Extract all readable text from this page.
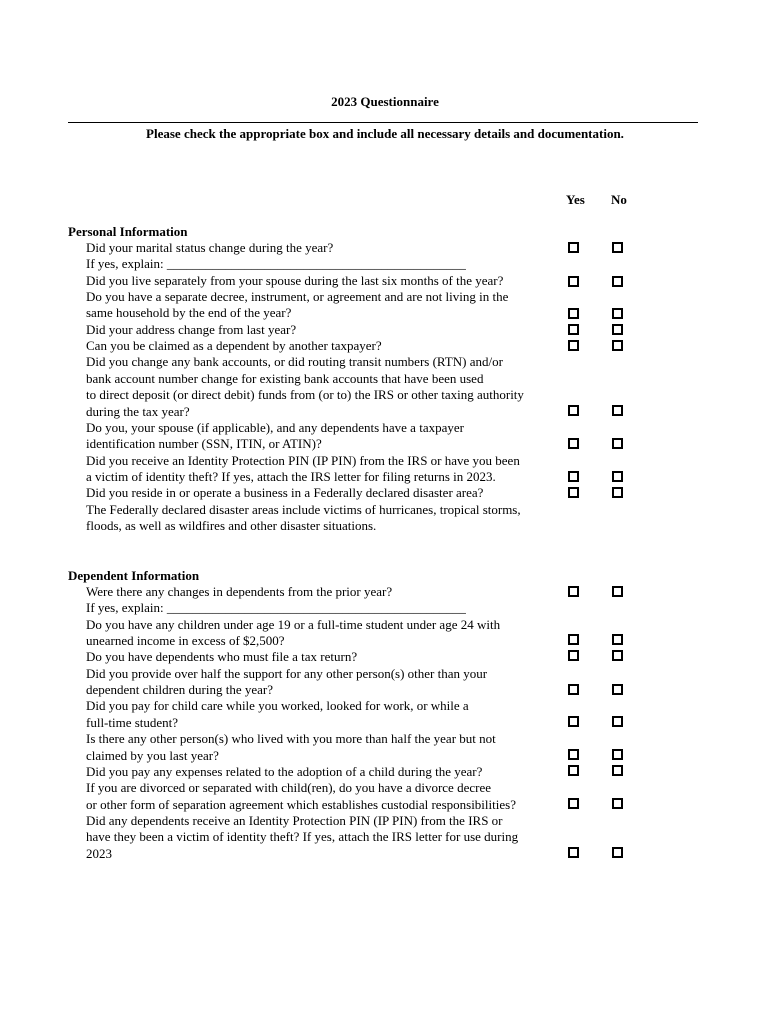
2023 Questionnaire
Please check the appropriate box and include all necessary details and documentation.
Yes No
Personal Information
Did your marital status change during the year?
If yes, explain: ______________________________________________
Did you live separately from your spouse during the last six months of the year?
Do you have a separate decree, instrument, or agreement and are not living in the
same household by the end of the year?
Did your address change from last year?
Can you be claimed as a dependent by another taxpayer?
Did you change any bank accounts, or did routing transit numbers (RTN) and/or
bank account number change for existing bank accounts that have been used
to direct deposit (or direct debit) funds from (or to) the IRS or other taxing authority
during the tax year?
Do you, your spouse (if applicable), and any dependents have a taxpayer
identification number (SSN, ITIN, or ATIN)?
Did you receive an Identity Protection PIN (IP PIN) from the IRS or have you been
a victim of identity theft? If yes, attach the IRS letter for filing returns in 2023.
Did you reside in or operate a business in a Federally declared disaster area?
The Federally declared disaster areas include victims of hurricanes, tropical storms,
floods, as well as wildfires and other disaster situations.
Dependent Information
Were there any changes in dependents from the prior year?
If yes, explain: ______________________________________________
Do you have any children under age 19 or a full-time student under age 24 with
unearned income in excess of $2,500?
Do you have dependents who must file a tax return?
Did you provide over half the support for any other person(s) other than your
dependent children during the year?
Did you pay for child care while you worked, looked for work, or while a
full-time student?
Is there any other person(s) who lived with you more than half the year but not
claimed by you last year?
Did you pay any expenses related to the adoption of a child during the year?
If you are divorced or separated with child(ren), do you have a divorce decree
or other form of separation agreement which establishes custodial responsibilities?
Did any dependents receive an Identity Protection PIN (IP PIN) from the IRS or
have they been a victim of identity theft? If yes, attach the IRS letter for use during
2023
